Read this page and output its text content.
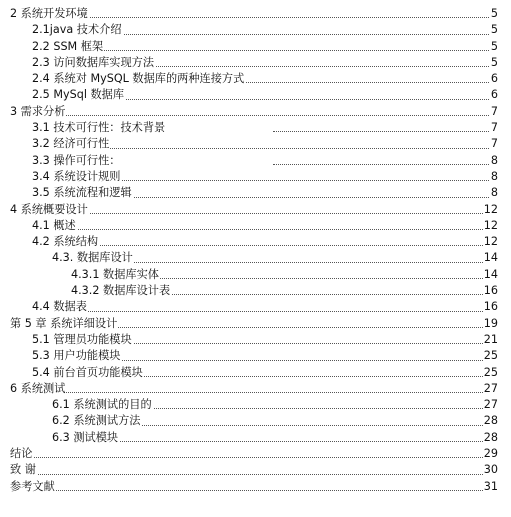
2 系统开发环境	5
2.1java 技术介绍	5
2.2 SSM 框架	5
2.3 访问数据库实现方法	5
2.4 系统对 MySQL 数据库的两种连接方式	6
2.5 MySql 数据库	6
3 需求分析	7
3.1 技术可行性：技术背景	7
3.2 经济可行性	7
3.3 操作可行性：	8
3.4 系统设计规则	8
3.5 系统流程和逻辑	8
4 系统概要设计	12
4.1 概述	12
4.2 系统结构	12
4.3. 数据库设计	14
4.3.1 数据库实体	14
4.3.2 数据库设计表	16
4.4 数据表	16
第 5 章 系统详细设计	19
5.1 管理员功能模块	21
5.3 用户功能模块	25
5.4 前台首页功能模块	25
6 系统测试	27
6.1 系统测试的目的	27
6.2 系统测试方法	28
6.3 测试模块	28
结论	29
致 谢	30
参考文献	31
